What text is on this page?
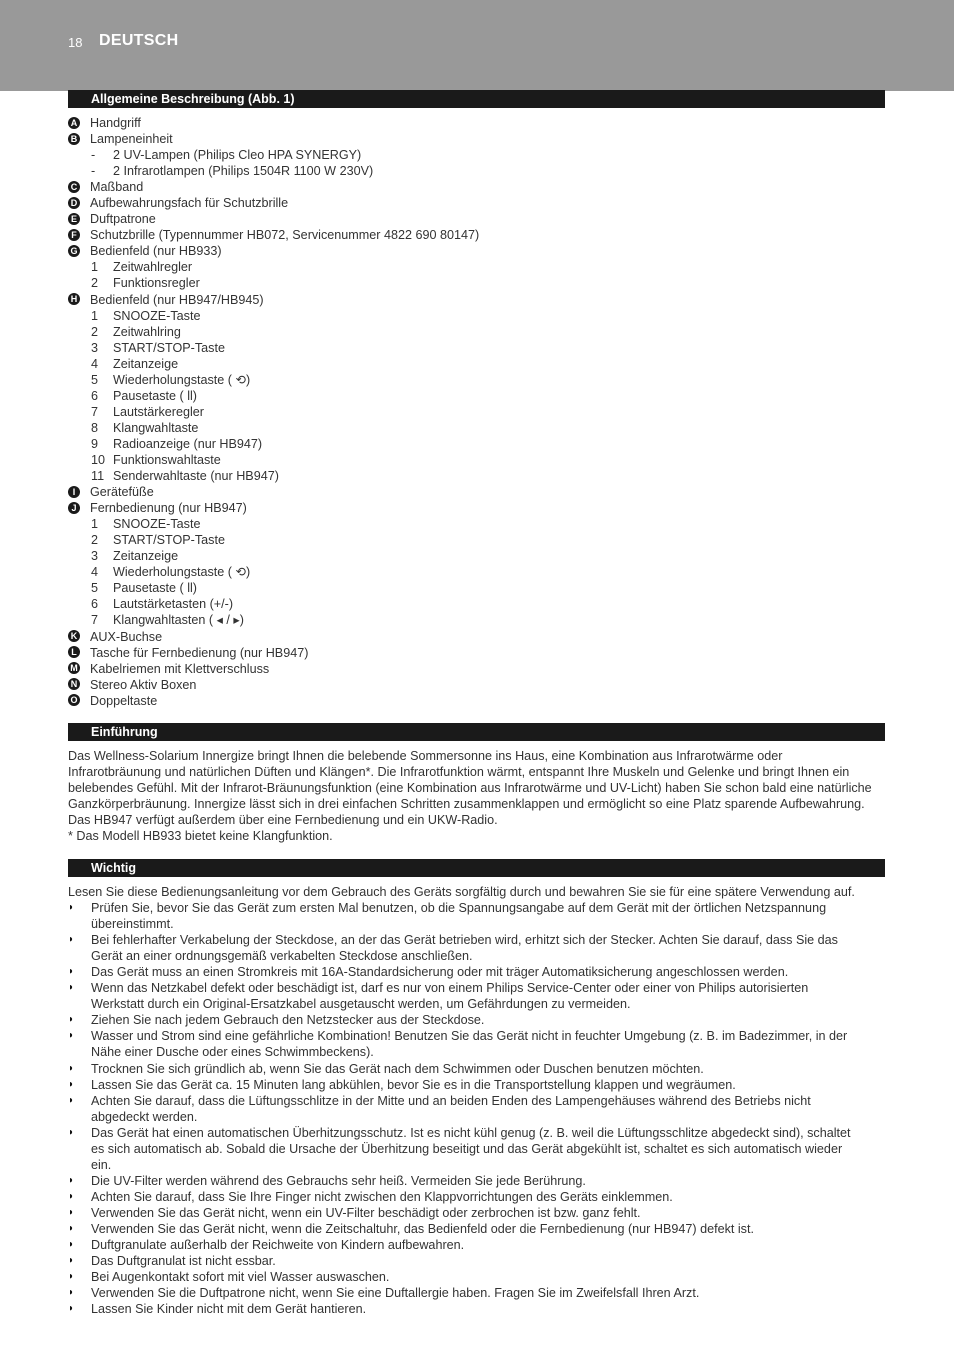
18 DEUTSCH
Allgemeine Beschreibung (Abb. 1)
A Handgriff
B Lampeneinheit
- 2 UV-Lampen (Philips Cleo HPA SYNERGY)
- 2 Infrarotlampen (Philips 1504R 1100 W 230V)
C Maßband
D Aufbewahrungsfach für Schutzbrille
E Duftpatrone
F Schutzbrille (Typennummer HB072, Servicenummer 4822 690 80147)
G Bedienfeld (nur HB933)
1 Zeitwahlregler
2 Funktionsregler
H Bedienfeld (nur HB947/HB945)
1 SNOOZE-Taste
2 Zeitwahlring
3 START/STOP-Taste
4 Zeitanzeige
5 Wiederholungstaste ( ⟲)
6 Pausetaste ( ll)
7 Lautstärkeregler
8 Klangwahltaste
9 Radioanzeige (nur HB947)
10 Funktionswahltaste
11 Senderwahltaste (nur HB947)
I Gerätefüße
J Fernbedienung (nur HB947)
1 SNOOZE-Taste
2 START/STOP-Taste
3 Zeitanzeige
4 Wiederholungstaste ( ⟲)
5 Pausetaste ( ll)
6 Lautstärketasten (+/-)
7 Klangwahltasten ( ◂ / ▸)
K AUX-Buchse
L Tasche für Fernbedienung (nur HB947)
M Kabelriemen mit Klettverschluss
N Stereo Aktiv Boxen
O Doppeltaste
Einführung
Das Wellness-Solarium Innergize bringt Ihnen die belebende Sommersonne ins Haus, eine Kombination aus Infrarotwärme oder
Infrarotbräunung und natürlichen Düften und Klängen*. Die Infrarotfunktion wärmt, entspannt Ihre Muskeln und Gelenke und bringt Ihnen ein
belebendes Gefühl. Mit der Infrarot-Bräunungsfunktion (eine Kombination aus Infrarotwärme und UV-Licht) haben Sie schon bald eine natürliche
Ganzkörperbräunung. Innergize lässt sich in drei einfachen Schritten zusammenklappen und ermöglicht so eine Platz sparende Aufbewahrung.
Das HB947 verfügt außerdem über eine Fernbedienung und ein UKW-Radio.
* Das Modell HB933 bietet keine Klangfunktion.
Wichtig

Lesen Sie diese Bedienungsanleitung vor dem Gebrauch des Geräts sorgfältig durch und bewahren Sie sie für eine spätere Verwendung auf.

◗ Prüfen Sie, bevor Sie das Gerät zum ersten Mal benutzen, ob die Spannungsangabe auf dem Gerät mit der örtlichen Netzspannung
übereinstimmt.
◗ Bei fehlerhafter Verkabelung der Steckdose, an der das Gerät betrieben wird, erhitzt sich der Stecker. Achten Sie darauf, dass Sie das
Gerät an einer ordnungsgemäß verkabelten Steckdose anschließen.
◗ Das Gerät muss an einen Stromkreis mit 16A-Standardsicherung oder mit träger Automatiksicherung angeschlossen werden.
◗ Wenn das Netzkabel defekt oder beschädigt ist, darf es nur von einem Philips Service-Center oder einer von Philips autorisierten
Werkstatt durch ein Original-Ersatzkabel ausgetauscht werden, um Gefährdungen zu vermeiden.
◗ Ziehen Sie nach jedem Gebrauch den Netzstecker aus der Steckdose.
◗ Wasser und Strom sind eine gefährliche Kombination! Benutzen Sie das Gerät nicht in feuchter Umgebung (z. B. im Badezimmer, in der
Nähe einer Dusche oder eines Schwimmbeckens).
◗ Trocknen Sie sich gründlich ab, wenn Sie das Gerät nach dem Schwimmen oder Duschen benutzen möchten.
◗ Lassen Sie das Gerät ca. 15 Minuten lang abkühlen, bevor Sie es in die Transportstellung klappen und wegräumen.
◗ Achten Sie darauf, dass die Lüftungsschlitze in der Mitte und an beiden Enden des Lampengehäuses während des Betriebs nicht
abgedeckt werden.
◗ Das Gerät hat einen automatischen Überhitzungsschutz. Ist es nicht kühl genug (z. B. weil die Lüftungsschlitze abgedeckt sind), schaltet
es sich automatisch ab. Sobald die Ursache der Überhitzung beseitigt und das Gerät abgekühlt ist, schaltet es sich automatisch wieder
ein.
◗ Die UV-Filter werden während des Gebrauchs sehr heiß. Vermeiden Sie jede Berührung.
◗ Achten Sie darauf, dass Sie Ihre Finger nicht zwischen den Klappvorrichtungen des Geräts einklemmen.
◗ Verwenden Sie das Gerät nicht, wenn ein UV-Filter beschädigt oder zerbrochen ist bzw. ganz fehlt.
◗ Verwenden Sie das Gerät nicht, wenn die Zeitschaltuhr, das Bedienfeld oder die Fernbedienung (nur HB947) defekt ist.
◗ Duftgranulate außerhalb der Reichweite von Kindern aufbewahren.
◗ Das Duftgranulat ist nicht essbar.
◗ Bei Augenkontakt sofort mit viel Wasser auswaschen.
◗ Verwenden Sie die Duftpatrone nicht, wenn Sie eine Duftallergie haben. Fragen Sie im Zweifelsfall Ihren Arzt.
◗ Lassen Sie Kinder nicht mit dem Gerät hantieren.
